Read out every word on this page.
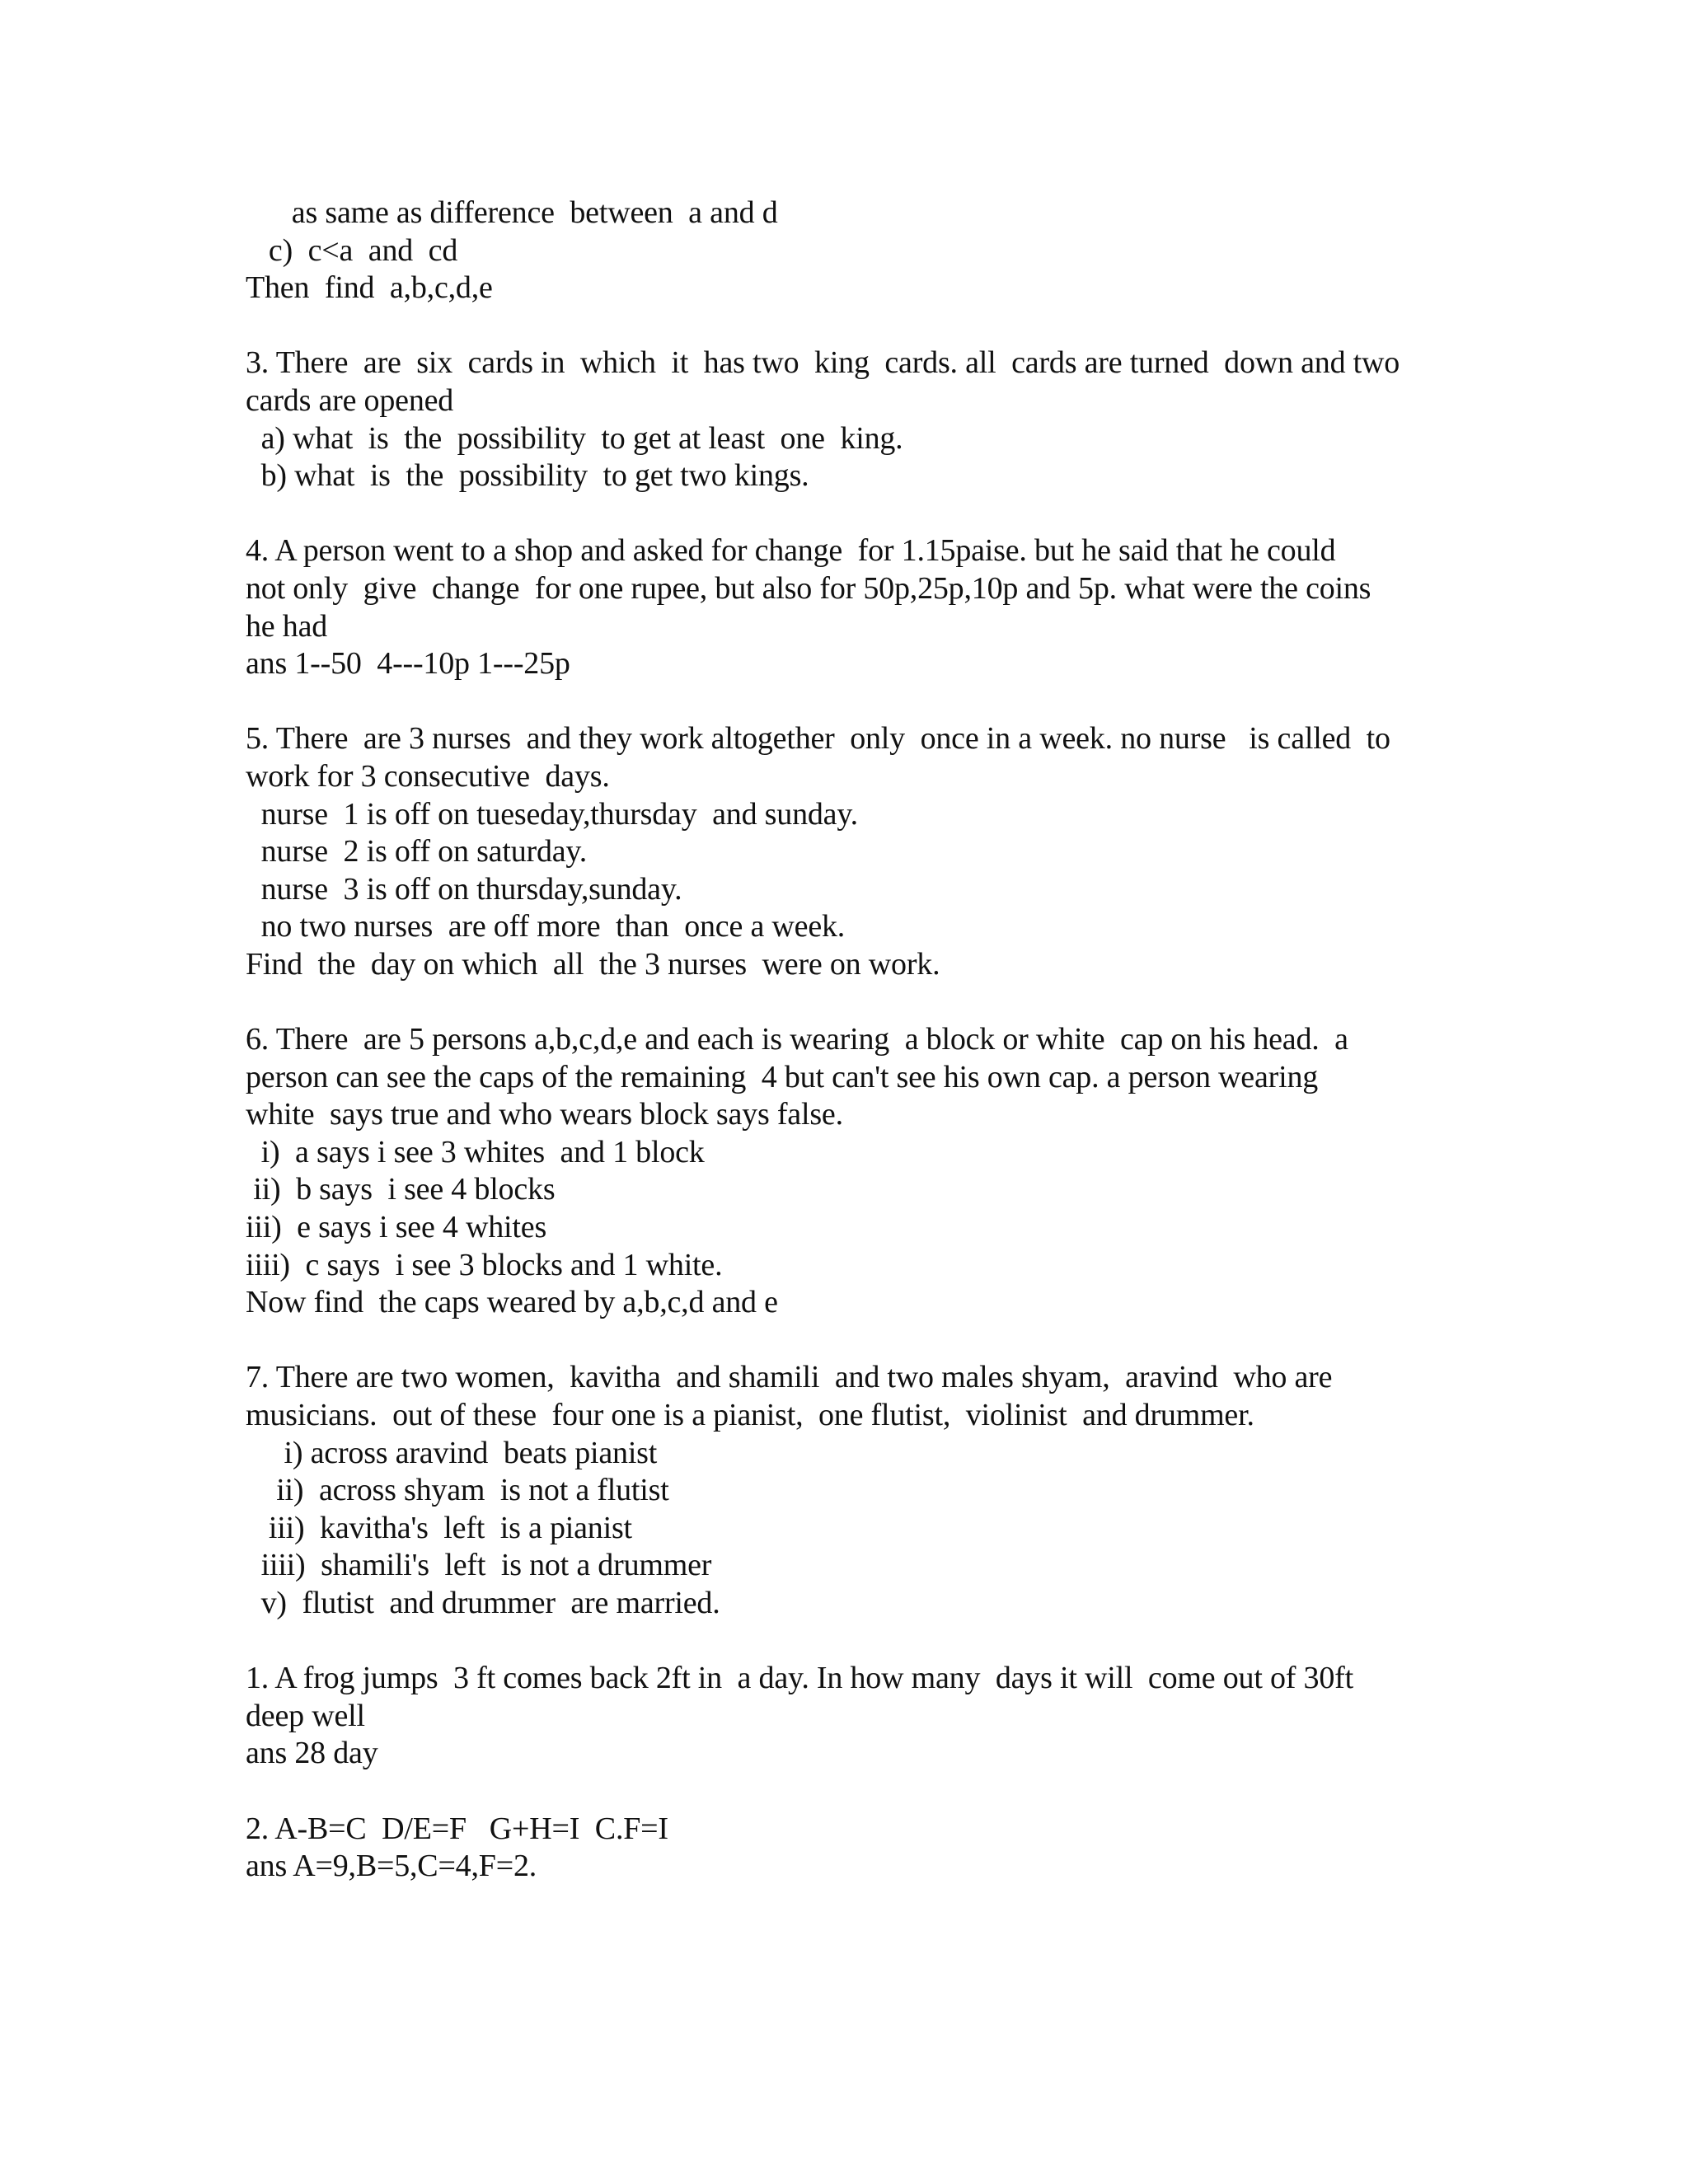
as same as difference  between  a and d
c)  c<a  and  cd
Then  find  a,b,c,d,e
3. There  are  six  cards in  which  it  has two  king  cards. all  cards are turned  down and two
cards are opened
a) what  is  the  possibility  to get at least  one  king.
b) what  is  the  possibility  to get two kings.
4. A person went to a shop and asked for change  for 1.15paise. but he said that he could
not only  give  change  for one rupee, but also for 50p,25p,10p and 5p. what were the coins
he had
ans 1--50  4---10p 1---25p
5. There  are 3 nurses  and they work altogether  only  once in a week. no nurse   is called  to
work for 3 consecutive  days.
nurse  1 is off on tueseday,thursday  and sunday.
nurse  2 is off on saturday.
nurse  3 is off on thursday,sunday.
no two nurses  are off more  than  once a week.
Find  the  day on which  all  the 3 nurses  were on work.
6. There  are 5 persons a,b,c,d,e and each is wearing  a block or white  cap on his head.  a
person can see the caps of the remaining  4 but can't see his own cap. a person wearing
white  says true and who wears block says false.
i)  a says i see 3 whites  and 1 block
ii)  b says  i see 4 blocks
iii)  e says i see 4 whites
iiii)  c says  i see 3 blocks and 1 white.
Now find  the caps weared by a,b,c,d and e
7. There are two women,  kavitha  and shamili  and two males shyam,  aravind  who are
musicians.  out of these  four one is a pianist,  one flutist,  violinist  and drummer.
i) across aravind  beats pianist
ii)  across shyam  is not a flutist
iii)  kavitha's  left  is a pianist
iiii)  shamili's  left  is not a drummer
v)  flutist  and drummer  are married.
1. A frog jumps  3 ft comes back 2ft in  a day. In how many  days it will  come out of 30ft
deep well
ans 28 day
2. A-B=C  D/E=F   G+H=I  C.F=I
ans A=9,B=5,C=4,F=2.
